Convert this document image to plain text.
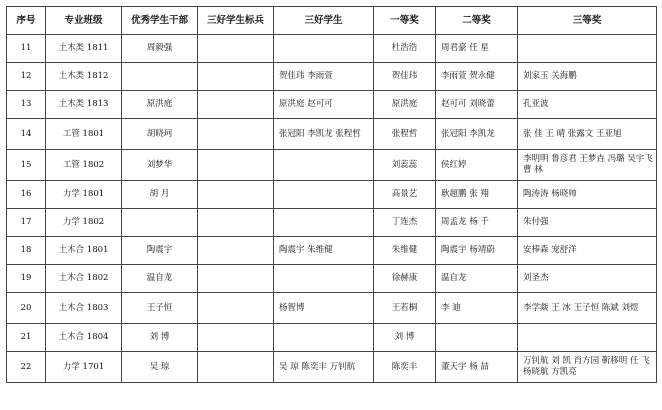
序号	专业班级	优秀学生干部	三好学生标兵	三好学生	一等奖	二等奖	三等奖
11	土木类 1811	周毅强			杜浩浩	周君豪 任 星	
12	土木类 1812			贺佳玮 李雨萱	贺佳玮	李雨萱 贺永健	刘家玉 关海鹏
13	土木类 1813	原洪庭		原洪庭 赵可可	原洪庭	赵可可 刘晓蕾	孔亚波
14	工管 1801	胡晓珂		张冠阳 李凯龙 张程哲	张程哲	张冠阳 李凯龙	张 佳 王 晴 张露文 王亚旭
15	工管 1802	刘梦华			刘蕊蕊	侯红婷	李明明 鲁彦君 王梦垚 冯璐 吴宇飞 曹 林
16	力学 1801	胡 月			高景艺	耿超鹏 张 翔	陶涛涛 杨晓帅
17	力学 1802				丁连杰	周孟龙 杨 千	朱付强
18	土木合 1801	陶震宇		陶震宇 朱维健	朱维健	陶震宇 杨靖蔚	安棒森 宠舒洋
19	土木合 1802	温自龙			徐赫康	温自龙	刘圣杰
20	土木合 1803	王子恒		杨智博	王若桐	李 迪	李学燚 王 冰 王子恒 陈斌 刘煜
21	土木合 1804	刘 博			刘 博		
22	力学 1701	吴 琼		吴 琼 陈奕丰 万钊航	陈奕丰	董天宇 杨 喆	万钊航 刘 凯 肖方园 靳移明 任 飞 杨晓航 方凯亮
